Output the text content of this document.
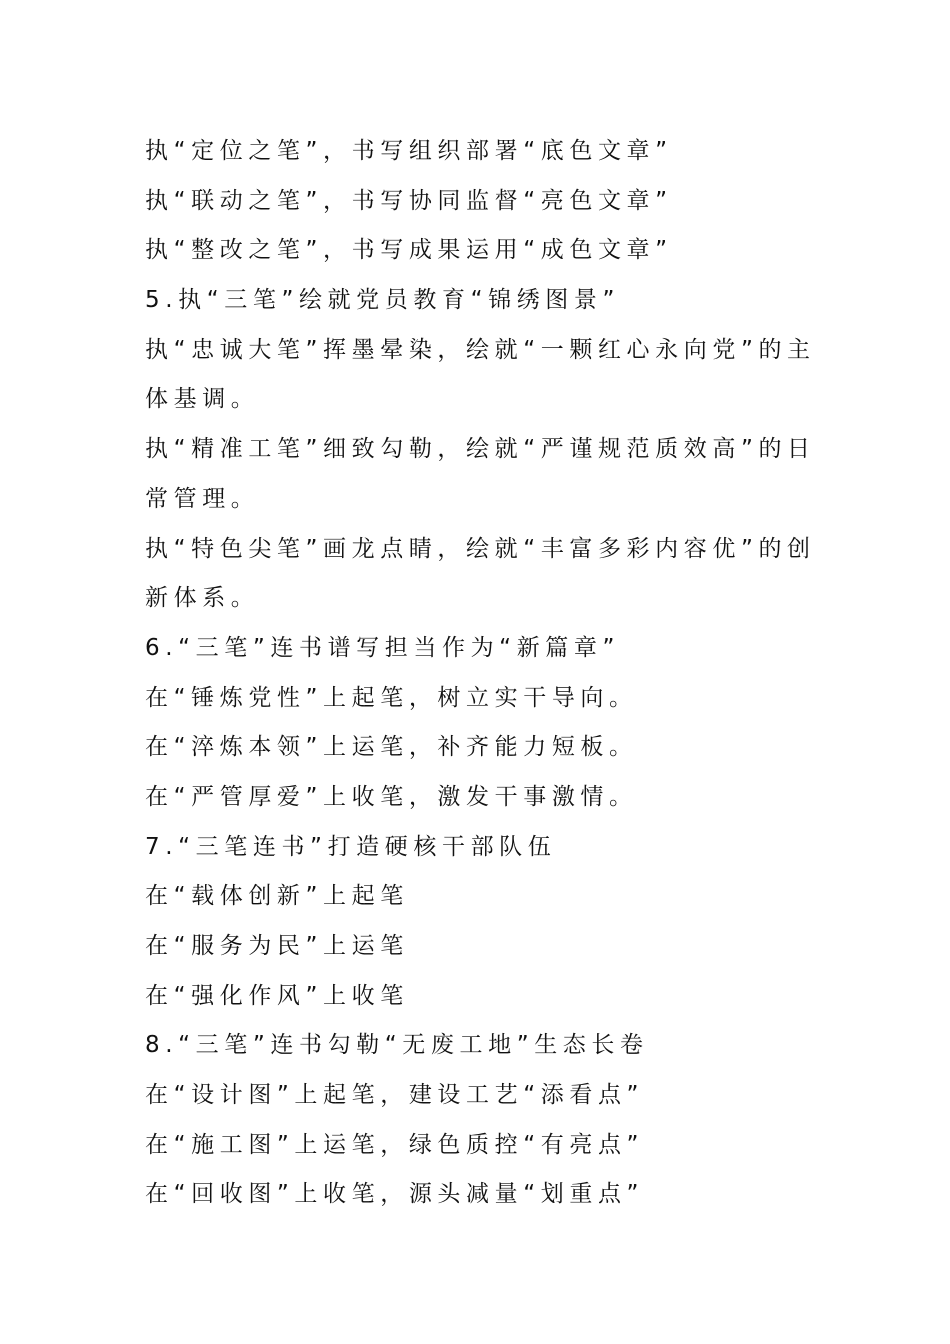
执“定位之笔”，书写组织部署“底色文章”
执“联动之笔”，书写协同监督“亮色文章”
执“整改之笔”，书写成果运用“成色文章”
5.执“三笔”绘就党员教育“锦绣图景”
执“忠诚大笔”挥墨晕染，绘就“一颗红心永向党”的主
体基调。
执“精准工笔”细致勾勒，绘就“严谨规范质效高”的日
常管理。
执“特色尖笔”画龙点睛，绘就“丰富多彩内容优”的创
新体系。
6.“三笔”连书谱写担当作为“新篇章”
在“锤炼党性”上起笔，树立实干导向。
在“淬炼本领”上运笔，补齐能力短板。
在“严管厚爱”上收笔，激发干事激情。
7.“三笔连书”打造硬核干部队伍
在“载体创新”上起笔
在“服务为民”上运笔
在“强化作风”上收笔
8.“三笔”连书勾勒“无废工地”生态长卷
在“设计图”上起笔，建设工艺“添看点”
在“施工图”上运笔，绿色质控“有亮点”
在“回收图”上收笔，源头减量“划重点”
